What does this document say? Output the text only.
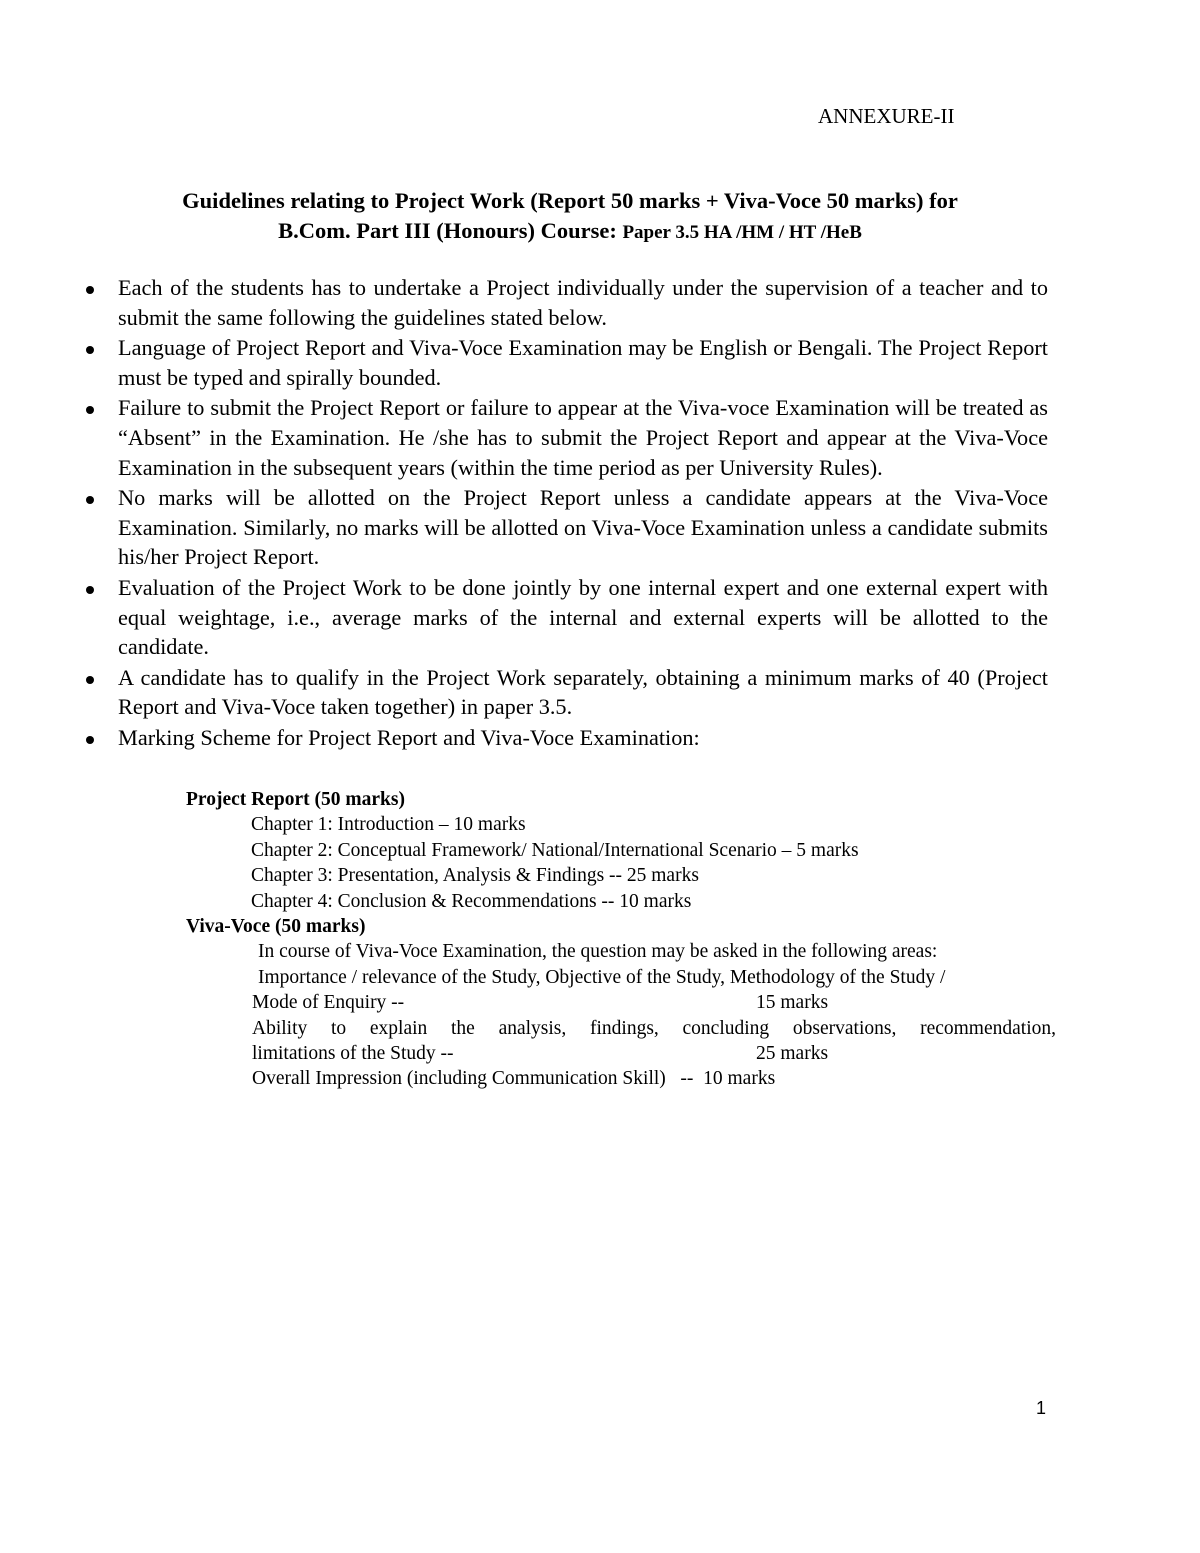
ANNEXURE-II
Guidelines relating to Project Work (Report 50 marks + Viva-Voce 50 marks) for
B.Com. Part III (Honours) Course: Paper 3.5 HA /HM / HT /HeB
Each of the students has to undertake a Project individually under the supervision of a teacher and to submit the same following the guidelines stated below.
Language of Project Report and Viva-Voce Examination may be English or Bengali. The Project Report must be typed and spirally bounded.
Failure to submit the Project Report or failure to appear at the Viva-voce Examination will be treated as “Absent” in the Examination. He /she has to submit the Project Report and appear at the Viva-Voce Examination in the subsequent years (within the time period as per University Rules).
No marks will be allotted on the Project Report unless a candidate appears at the Viva-Voce Examination. Similarly, no marks will be allotted on Viva-Voce Examination unless a candidate submits his/her Project Report.
Evaluation of the Project Work to be done jointly by one internal expert and one external expert with equal weightage, i.e., average marks of the internal and external experts will be allotted to the candidate.
A candidate has to qualify in the Project Work separately, obtaining a minimum marks of 40 (Project Report and Viva-Voce taken together) in paper 3.5.
Marking Scheme for Project Report and Viva-Voce Examination:
Project Report (50 marks)
Chapter 1: Introduction – 10 marks
Chapter 2: Conceptual Framework/ National/International Scenario – 5 marks
Chapter 3: Presentation, Analysis & Findings -- 25 marks
Chapter 4: Conclusion & Recommendations -- 10 marks
Viva-Voce (50 marks)
In course of Viva-Voce Examination, the question may be asked in the following areas:
Importance / relevance of the Study, Objective of the Study, Methodology of the Study /
Mode of Enquiry --	15 marks
Ability to explain the analysis, findings, concluding observations, recommendation,
limitations of the Study --	25 marks
Overall Impression (including Communication Skill)   --  10 marks
1
